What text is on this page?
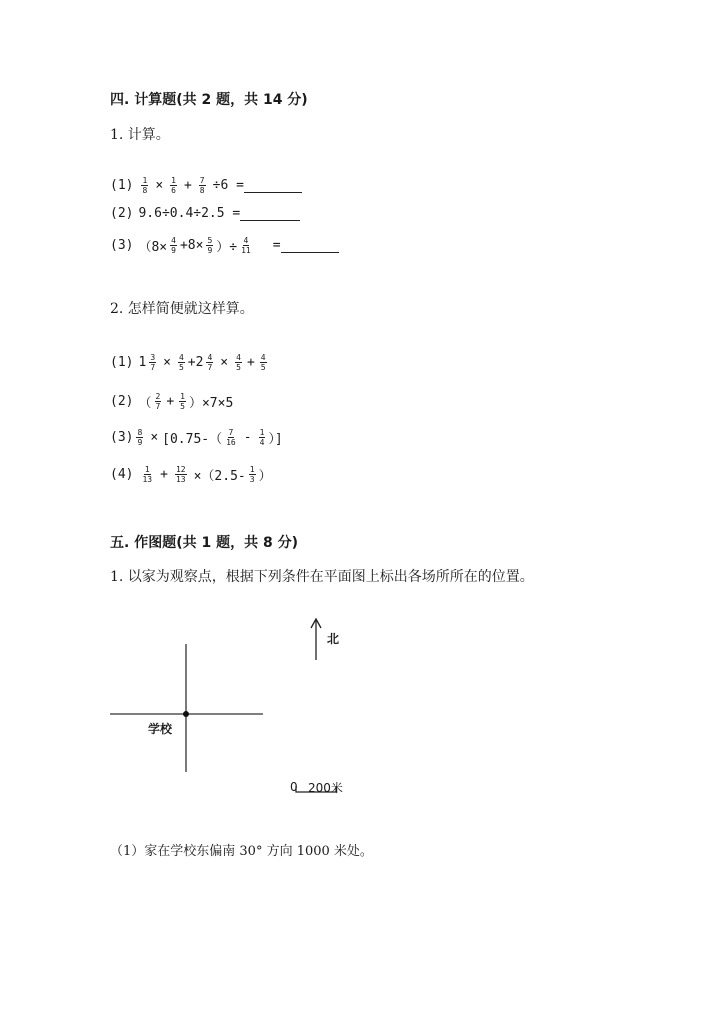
四. 计算题(共 2 题，共 14 分)
1. 计算。
$(1) \frac{1}{8} \times \frac{1}{6} + \frac{7}{8} \div 6$ =
(2) 9.6÷0.4÷2.5 =
(3) （$8\times \frac{4}{9} +8\times \frac{5}{9}$ ）÷ $\frac{4}{11}$ =
2. 怎样简便就这样算。
(1) $1 \frac{3}{7} \times \frac{4}{5} +2 \frac{4}{7} \times \frac{4}{5} + \frac{4}{5}$
(2) （ $\frac{2}{7} + \frac{1}{5} )\times 7\times 5$
$(3) \frac{8}{9} \times [0.75-( \frac{7}{16} - \frac{1}{4}$ ）]
$(4) \frac{1}{13} + \frac{12}{13} \times(2.5- \frac{1}{3}$ ）
五. 作图题(共 1 题，共 8 分)
1. 以家为观察点，根据下列条件在平面图上标出各场所所在的位置。
北
学校
0 200米
（1）家在学校东偏南 30° 方向 1000 米处。
